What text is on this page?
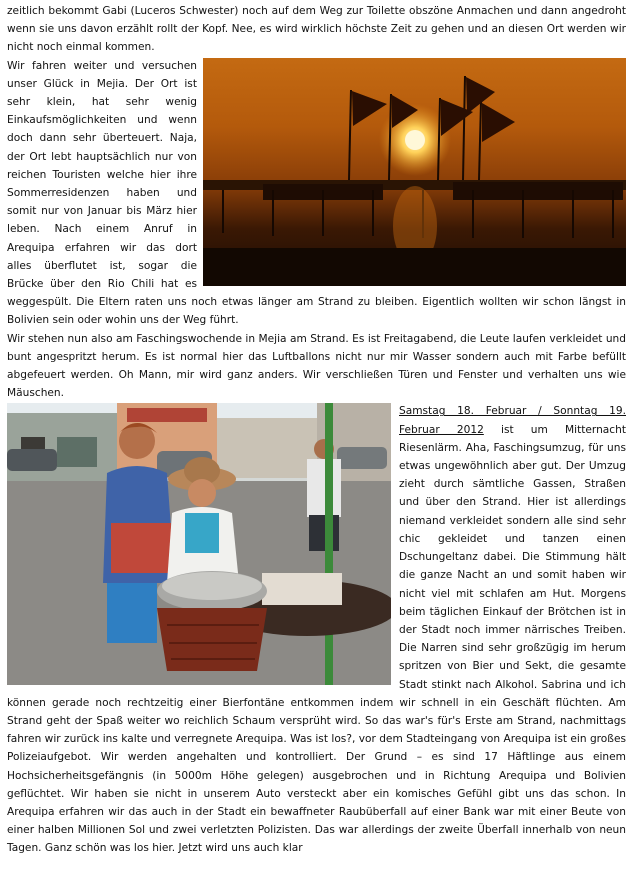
zeitlich bekommt Gabi (Luceros Schwester) noch auf dem Weg zur Toilette obszöne Anmachen und dann angedroht wenn sie uns davon erzählt rollt der Kopf. Nee, es wird wirklich höchste Zeit zu gehen und an diesen Ort werden wir nicht noch einmal kommen.

Wir fahren weiter und versuchen unser Glück in Mejia. Der Ort ist sehr klein, hat sehr wenig Einkaufsmöglichkeiten und wenn doch dann sehr überteuert. Naja, der Ort lebt hauptsächlich nur von reichen Touristen welche hier ihre Sommerresidenzen haben und somit nur von Januar bis März hier leben. Nach einem Anruf in Arequipa erfahren wir das dort alles überflutet ist, sogar die Brücke über den Rio Chili hat es weggespült. Die Eltern raten uns noch etwas länger am Strand zu bleiben. Eigentlich wollten wir schon längst in Bolivien sein oder wohin uns der Weg führt.

Wir stehen nun also am Faschingswochende in Mejia am Strand. Es ist Freitagabend, die Leute laufen verkleidet und bunt angespritzt herum. Es ist normal hier das Luftballons nicht nur mir Wasser sondern auch mit Farbe befüllt abgefeuert werden. Oh Mann, mir wird ganz anders. Wir verschließen Türen und Fenster und verhalten uns wie Mäuschen.

Samstag 18. Februar / Sonntag 19. Februar 2012 ist um Mitternacht Riesenlärm. Aha, Faschingsumzug, für uns etwas ungewöhnlich aber gut. Der Umzug zieht durch sämtliche Gassen, Straßen und über den Strand. Hier ist allerdings niemand verkleidet sondern alle sind sehr chic gekleidet und tanzen einen Dschungeltanz dabei. Die Stimmung hält die ganze Nacht an und somit haben wir nicht viel mit schlafen am Hut. Morgens beim täglichen Einkauf der Brötchen ist in der Stadt noch immer närrisches Treiben. Die Narren sind sehr großzügig im herum spritzen von Bier und Sekt, die gesamte Stadt stinkt nach Alkohol. Sabrina und ich können gerade noch rechtzeitig einer Bierfontäne entkommen indem wir schnell in ein Geschäft flüchten. Am Strand geht der Spaß weiter wo reichlich Schaum versprüht wird. So das war's für's Erste am Strand, nachmittags fahren wir zurück ins kalte und verregnete Arequipa. Was ist los?, vor dem Stadteingang von Arequipa ist ein großes Polizeiaufgebot. Wir werden angehalten und kontrolliert. Der Grund – es sind 17 Häftlinge aus einem Hochsicherheitsgefängnis (in 5000m Höhe gelegen) ausgebrochen und in Richtung Arequipa und Bolivien geflüchtet. Wir haben sie nicht in unserem Auto versteckt aber ein komisches Gefühl gibt uns das schon. In Arequipa erfahren wir das auch in der Stadt ein bewaffneter Raubüberfall auf einer Bank war mit einer Beute von einer halben Millionen Sol und zwei verletzten Polizisten. Das war allerdings der zweite Überfall innerhalb von neun Tagen. Ganz schön was los hier. Jetzt wird uns auch klar
